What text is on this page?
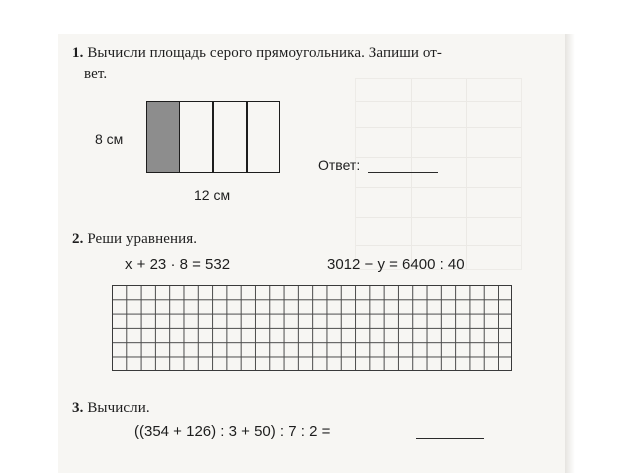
1. Вычисли площадь серого прямоугольника. Запиши от-
вет.
8 см
12 см
Ответ:
2. Реши уравнения.
x + 23 · 8 = 532	3012 − y = 6400 : 40
3. Вычисли.
((354 + 126) : 3 + 50) : 7 : 2 =
